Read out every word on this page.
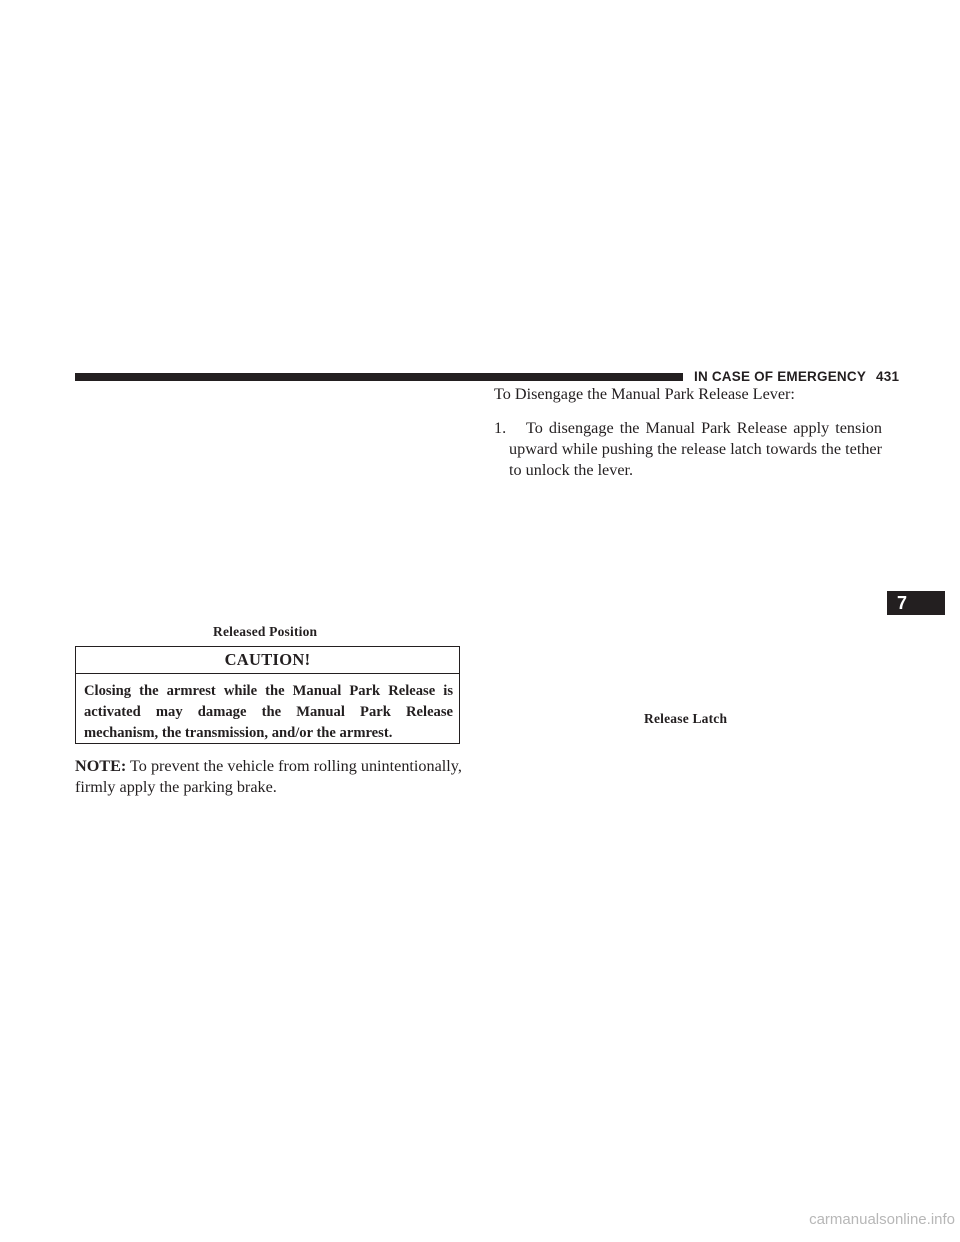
IN CASE OF EMERGENCY 431
Released Position
CAUTION!
Closing the armrest while the Manual Park Release is activated may damage the Manual Park Release mechanism, the transmission, and/or the armrest.
NOTE: To prevent the vehicle from rolling unintentionally, firmly apply the parking brake.
To Disengage the Manual Park Release Lever:
1.	To disengage the Manual Park Release apply tension upward while pushing the release latch towards the tether to unlock the lever.
Release Latch
7
carmanualsonline.info
